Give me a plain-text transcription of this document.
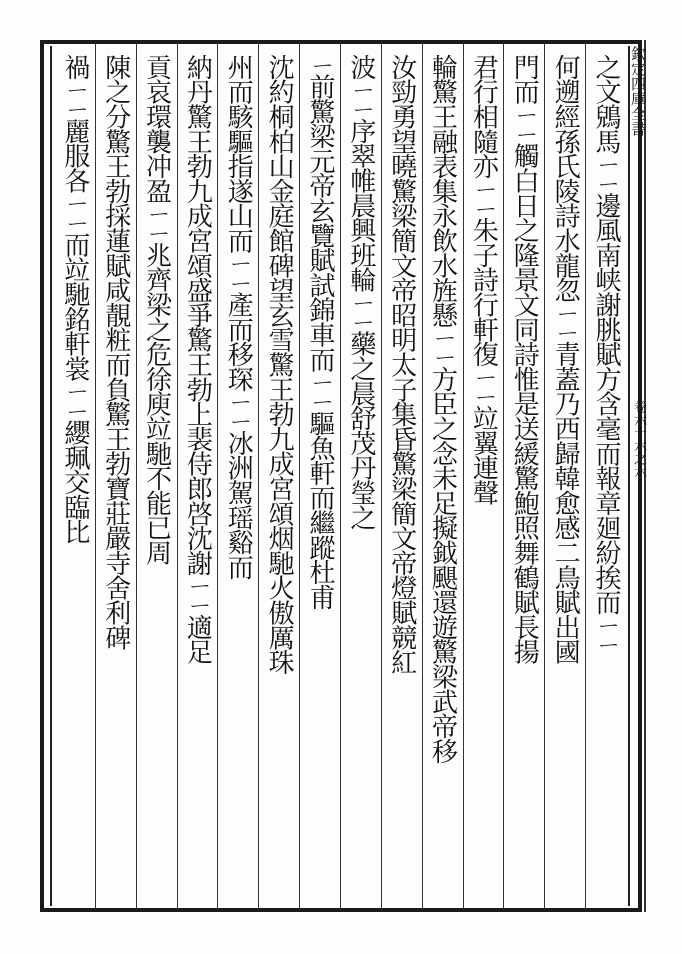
欽定四庫全書
卷六十六之六
之文鶂馬ㄧㄧ邊風南峡謝朓賦方含毫而報章廻紛挨而ㄧㄧ
何遡經孫氏陵詩水龍忽ㄧㄧ青蓋乃西歸韓愈感二鳥賦出國
門而ㄧㄧ觸白日之隆景文同詩惟是送緩驚鮑照舞鶴賦長揚
君行相隨亦ㄧㄧ朱子詩行軒復ㄧㄧ竝翼連聲
輪驚王融表集永飲水旌懸ㄧㄧ方臣之念未足擬鉞颶還遊驚梁武帝移
汝勁勇望曉驚梁簡文帝昭明太子集昏驚梁簡文帝燈賦競紅
波ㄧㄧ序翠帷晨興班輪ㄧㄧ藥之晨舒茂丹瑩之
ㄧ前驚梁元帝玄覽賦試錦車而ㄧㄧ驅魚軒而繼蹤杜甫
沈約桐柏山金庭館碑望玄雪驚王勃九成宮頌烟馳火傲厲珠
州而駭驅指遂山而ㄧㄧ產而移琛ㄧㄧ冰洲駕瑶谿而
納丹驚王勃九成宮頌盛爭驚王勃上裴侍郎啓沈謝ㄧㄧ適足
貢哀環襲冲盈ㄧㄧ兆齊梁之危徐庾竝馳不能已周
陳之分驚王勃採蓮賦咸靚粧而負驚王勃寶莊嚴寺舍利碑
禍ㄧㄧ麗服各ㄧㄧ而竝馳銘軒裳ㄧㄧ纓珮交臨比
